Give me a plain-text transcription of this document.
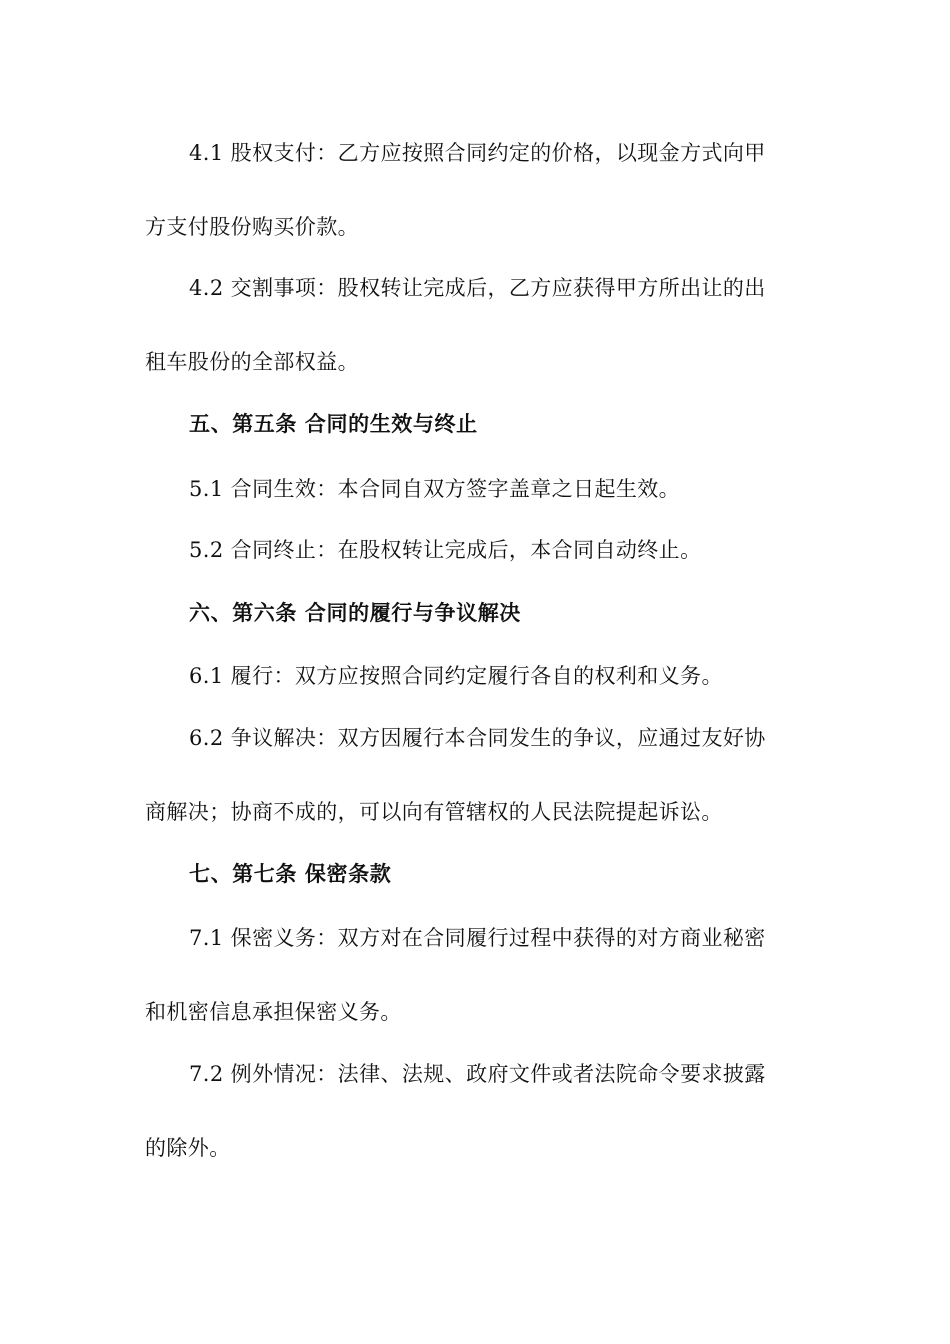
4.1 股权支付：乙方应按照合同约定的价格，以现金方式向甲
方支付股份购买价款。
4.2 交割事项：股权转让完成后，乙方应获得甲方所出让的出
租车股份的全部权益。
五、第五条 合同的生效与终止
5.1 合同生效：本合同自双方签字盖章之日起生效。
5.2 合同终止：在股权转让完成后，本合同自动终止。
六、第六条 合同的履行与争议解决
6.1 履行：双方应按照合同约定履行各自的权利和义务。
6.2 争议解决：双方因履行本合同发生的争议，应通过友好协
商解决；协商不成的，可以向有管辖权的人民法院提起诉讼。
七、第七条 保密条款
7.1 保密义务：双方对在合同履行过程中获得的对方商业秘密
和机密信息承担保密义务。
7.2 例外情况：法律、法规、政府文件或者法院命令要求披露
的除外。
